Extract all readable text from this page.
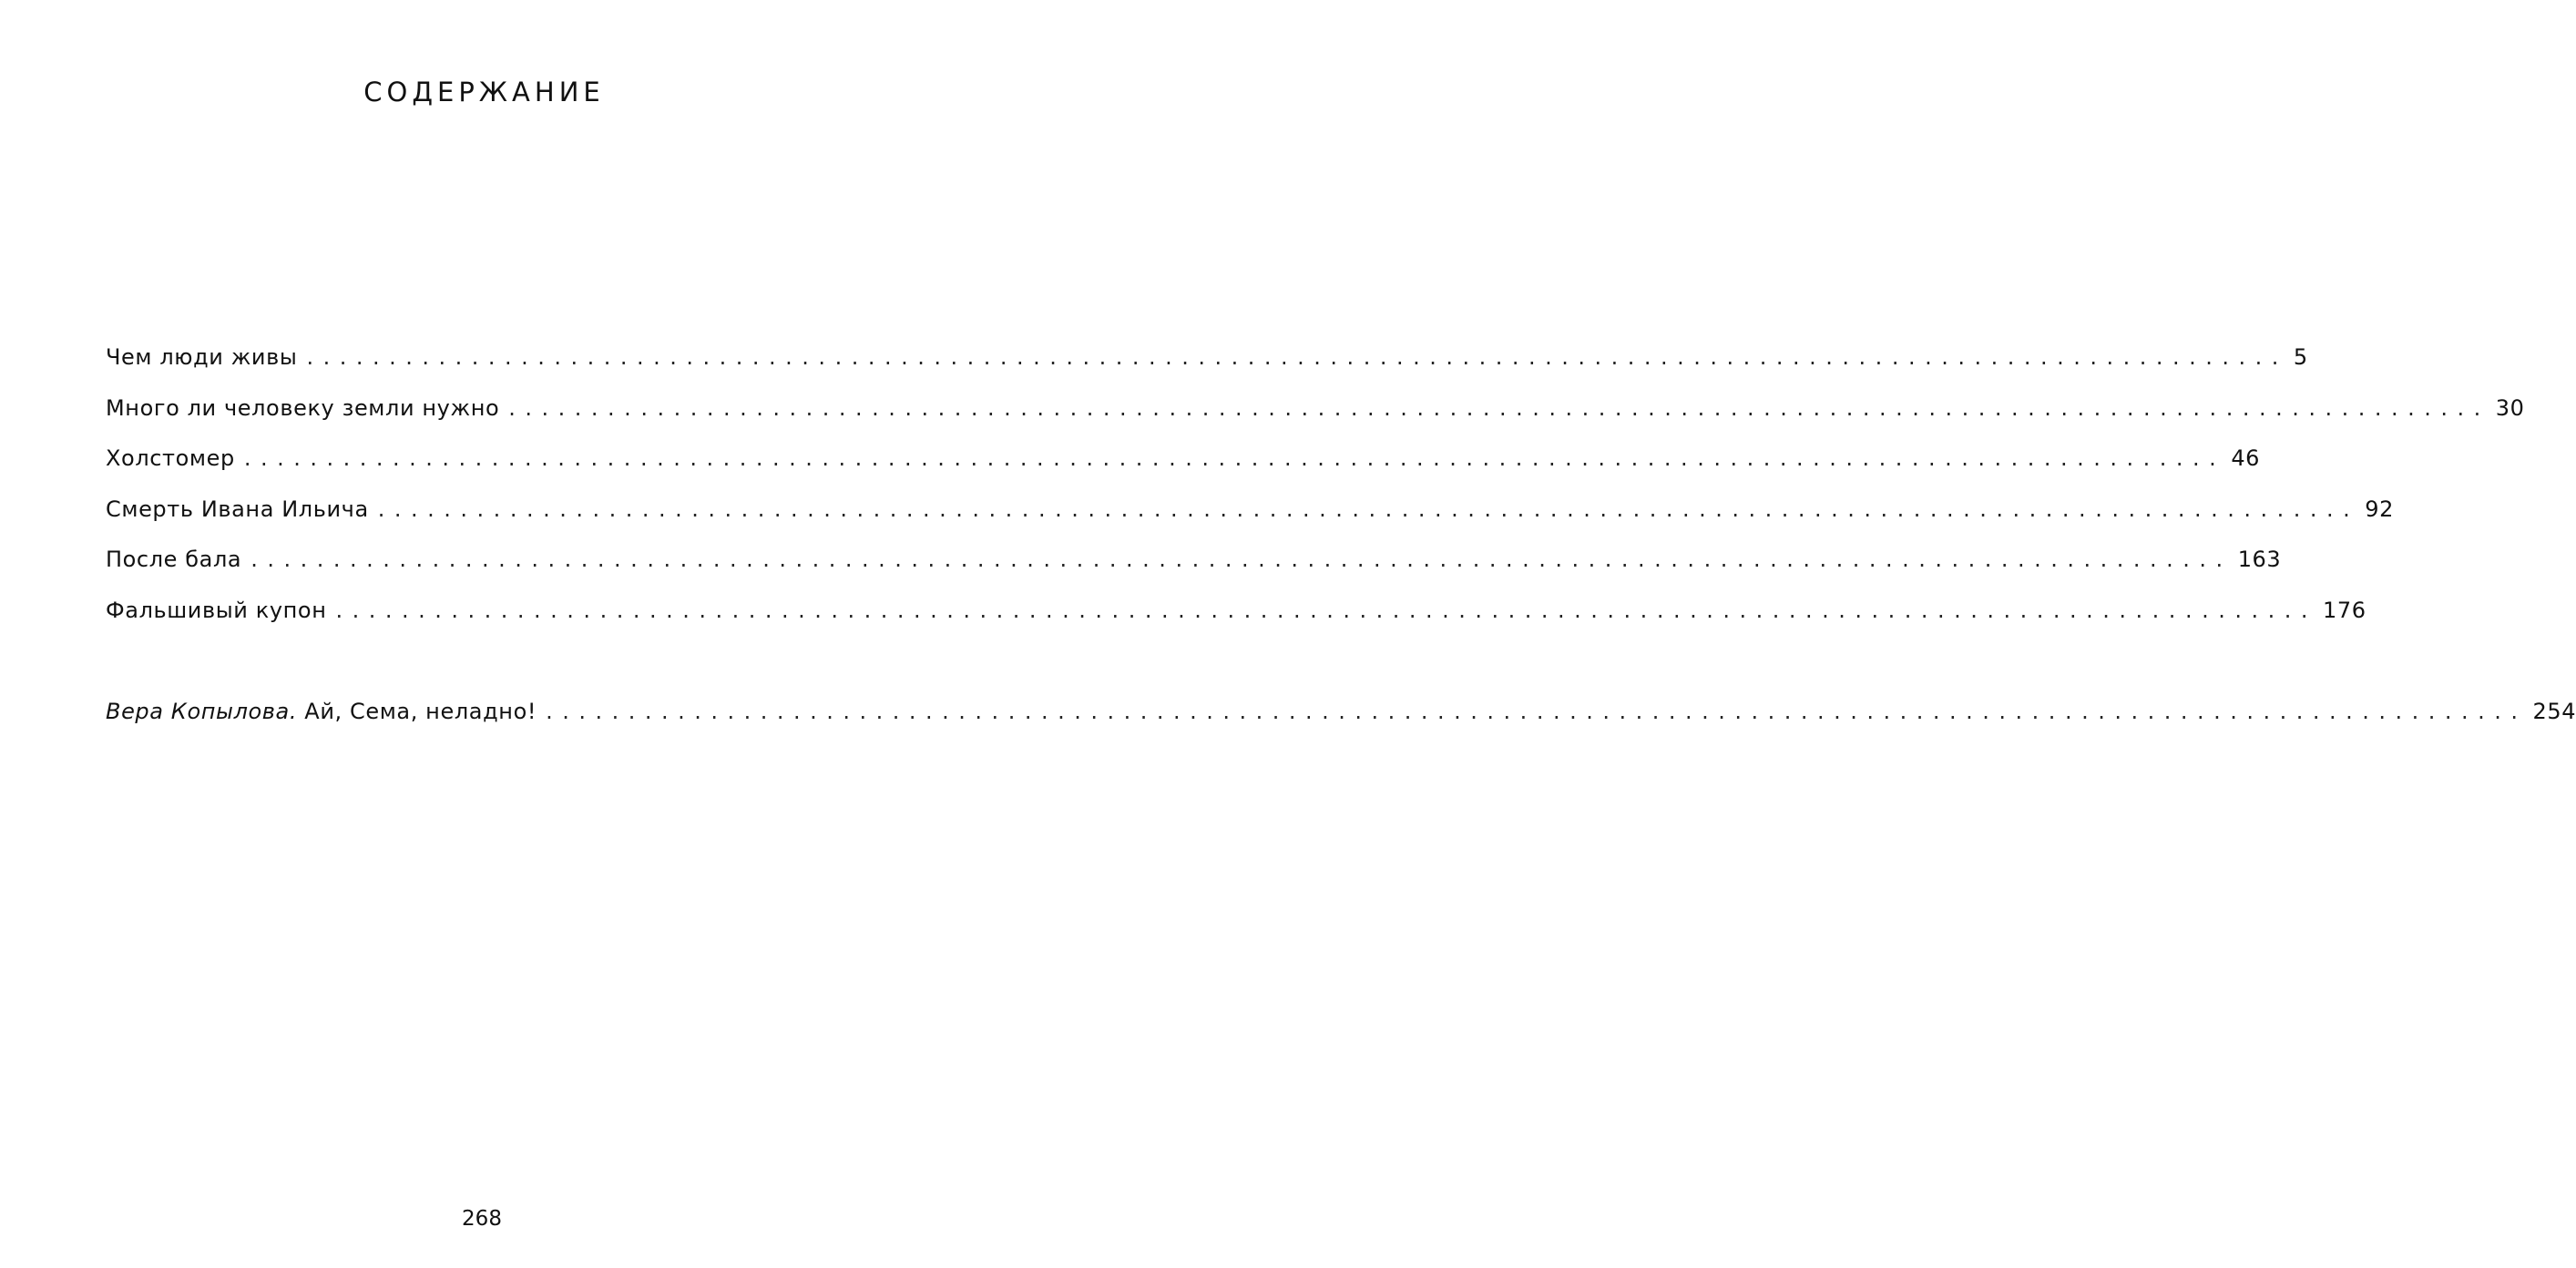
СОДЕРЖАНИЕ
Чем люди живы ........................................................................................................................ 5
Много ли человеку земли нужно ........................................................................................................................ 30
Холстомер ........................................................................................................................ 46
Смерть Ивана Ильича ........................................................................................................................ 92
После бала ........................................................................................................................ 163
Фальшивый купон ........................................................................................................................ 176
Вера Копылова. Ай, Сема, неладно! ........................................................................................................................ 254
268
